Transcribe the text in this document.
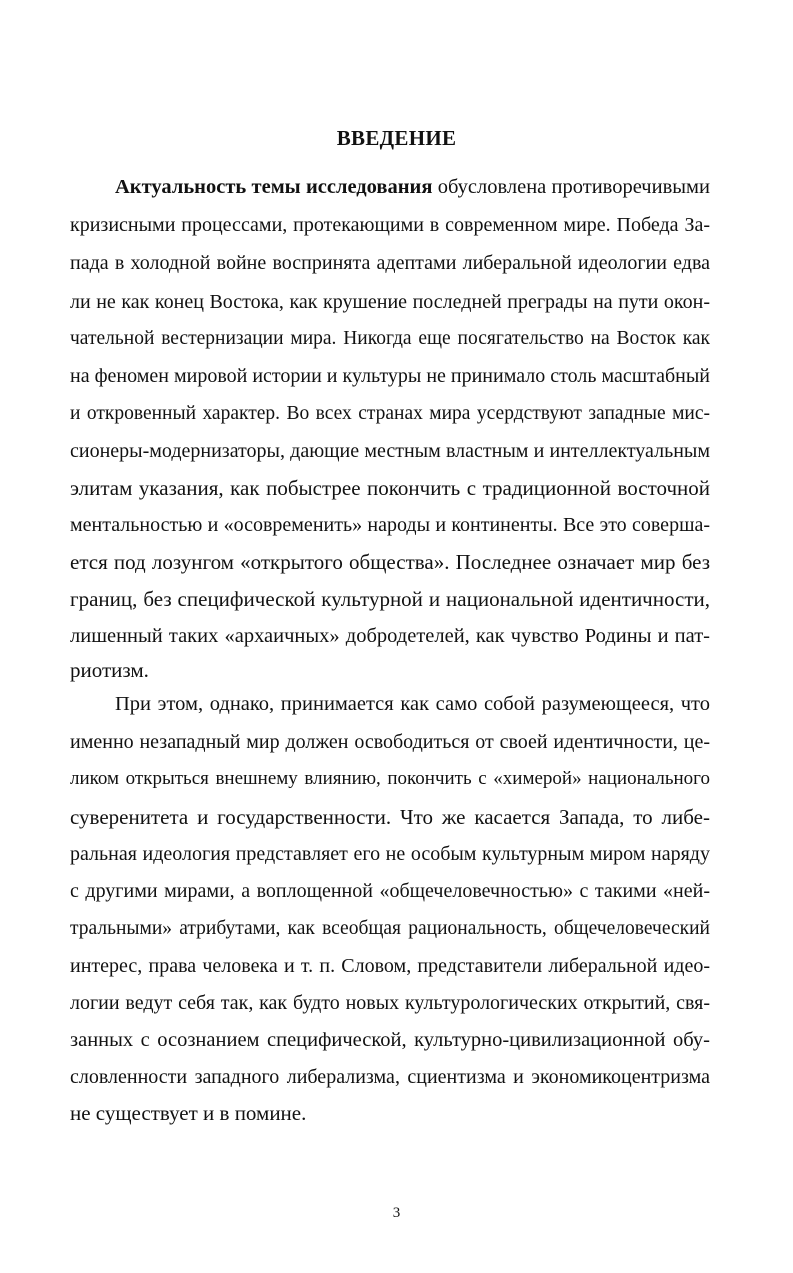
ВВЕДЕНИЕ
Актуальность темы исследования обусловлена противоречивыми
кризисными процессами, протекающими в современном мире. Победа За-
пада в холодной войне воспринята адептами либеральной идеологии едва
ли не как конец Востока, как крушение последней преграды на пути окон-
чательной вестернизации мира. Никогда еще посягательство на Восток как
на феномен мировой истории и культуры не принимало столь масштабный
и откровенный характер. Во всех странах мира усердствуют западные мис-
сионеры-модернизаторы, дающие местным властным и интеллектуальным
элитам указания, как побыстрее покончить с традиционной восточной
ментальностью и «осовременить» народы и континенты. Все это соверша-
ется под лозунгом «открытого общества». Последнее означает мир без
границ, без специфической культурной и национальной идентичности,
лишенный таких «архаичных» добродетелей, как чувство Родины и пат-
риотизм.
При этом, однако, принимается как само собой разумеющееся, что
именно незападный мир должен освободиться от своей идентичности, це-
ликом открыться внешнему влиянию, покончить с «химерой» национального
суверенитета и государственности. Что же касается Запада, то либе-
ральная идеология представляет его не особым культурным миром наряду
с другими мирами, а воплощенной «общечеловечностью» с такими «ней-
тральными» атрибутами, как всеобщая рациональность, общечеловеческий
интерес, права человека и т. п. Словом, представители либеральной идео-
логии ведут себя так, как будто новых культурологических открытий, свя-
занных с осознанием специфической, культурно-цивилизационной обу-
словленности западного либерализма, сциентизма и экономикоцентризма
не существует и в помине.
3
